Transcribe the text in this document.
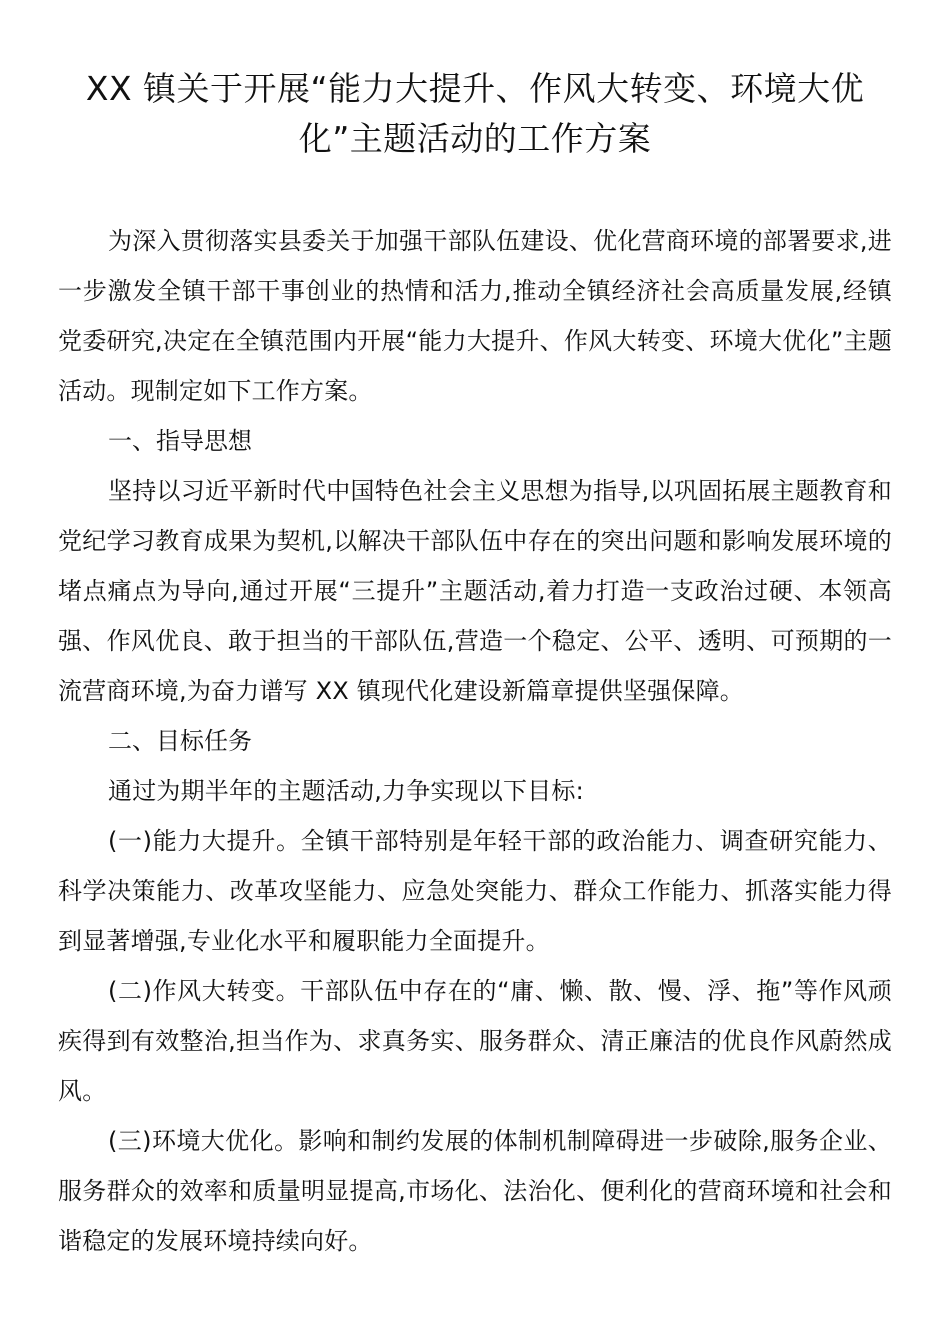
XX 镇关于开展“能力大提升、作风大转变、环境大优化”主题活动的工作方案

为深入贯彻落实县委关于加强干部队伍建设、优化营商环境的部署要求,进一步激发全镇干部干事创业的热情和活力,推动全镇经济社会高质量发展,经镇党委研究,决定在全镇范围内开展“能力大提升、作风大转变、环境大优化”主题活动。现制定如下工作方案。

一、指导思想

坚持以习近平新时代中国特色社会主义思想为指导,以巩固拓展主题教育和党纪学习教育成果为契机,以解决干部队伍中存在的突出问题和影响发展环境的堵点痛点为导向,通过开展“三提升”主题活动,着力打造一支政治过硬、本领高强、作风优良、敢于担当的干部队伍,营造一个稳定、公平、透明、可预期的一流营商环境,为奋力谱写 XX 镇现代化建设新篇章提供坚强保障。

二、目标任务

通过为期半年的主题活动,力争实现以下目标:

(一)能力大提升。全镇干部特别是年轻干部的政治能力、调查研究能力、科学决策能力、改革攻坚能力、应急处突能力、群众工作能力、抓落实能力得到显著增强,专业化水平和履职能力全面提升。

(二)作风大转变。干部队伍中存在的“庸、懒、散、慢、浮、拖”等作风顽疾得到有效整治,担当作为、求真务实、服务群众、清正廉洁的优良作风蔚然成风。

(三)环境大优化。影响和制约发展的体制机制障碍进一步破除,服务企业、服务群众的效率和质量明显提高,市场化、法治化、便利化的营商环境和社会和谐稳定的发展环境持续向好。
